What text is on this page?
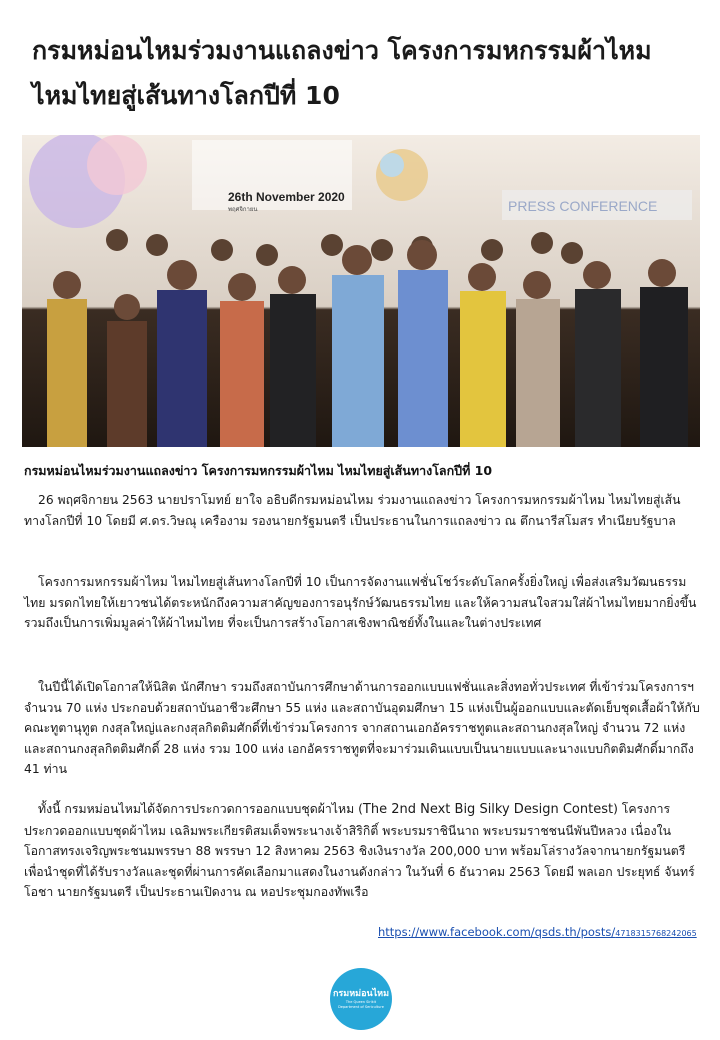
กรมหม่อนไหมร่วมงานแถลงข่าว โครงการมหกรรมผ้าไหม ไหมไทยสู่เส้นทางโลกปีที่ 10
26th November 2020
พฤศจิกายน	PRESS CONFERENCE

กรมหม่อนไหมร่วมงานแถลงข่าว โครงการมหกรรมผ้าไหม ไหมไทยสู่เส้นทางโลกปีที่ 10

26 พฤศจิกายน 2563 นายปราโมทย์ ยาใจ อธิบดีกรมหม่อนไหม ร่วมงานแถลงข่าว โครงการมหกรรมผ้าไหม ไหมไทยสู่เส้นทางโลกปีที่ 10 โดยมี ศ.ดร.วิษณุ เครืองาม รองนายกรัฐมนตรี เป็นประธานในการแถลงข่าว ณ ตึกนารีสโมสร ทำเนียบรัฐบาล

โครงการมหกรรมผ้าไหม ไหมไทยสู่เส้นทางโลกปีที่ 10 เป็นการจัดงานแฟชั่นโชว์ระดับโลกครั้งยิ่งใหญ่ เพื่อส่งเสริมวัฒนธรรมไทย มรดกไทยให้เยาวชนได้ตระหนักถึงความสาคัญของการอนุรักษ์วัฒนธรรมไทย และให้ความสนใจสวมใส่ผ้าไหมไทยมากยิ่งขึ้น รวมถึงเป็นการเพิ่มมูลค่าให้ผ้าไหมไทย ที่จะเป็นการสร้างโอกาสเชิงพาณิชย์ทั้งในและในต่างประเทศ

ในปีนี้ได้เปิดโอกาสให้นิสิต นักศึกษา รวมถึงสถาบันการศึกษาด้านการออกแบบแฟชั่นและสิ่งทอทั่วประเทศ ที่เข้าร่วมโครงการฯ จำนวน 70 แห่ง ประกอบด้วยสถาบันอาชีวะศึกษา 55 แห่ง และสถาบันอุดมศึกษา 15 แห่งเป็นผู้ออกแบบและตัดเย็บชุดเสื้อผ้าให้กับคณะทูตานุทูต กงสุลใหญ่และกงสุลกิตติมศักดิ์ที่เข้าร่วมโครงการ จากสถานเอกอัครราชทูตและสถานกงสุลใหญ่ จำนวน 72 แห่ง และสถานกงสุลกิตติมศักดิ์ 28 แห่ง รวม 100 แห่ง เอกอัครราชทูตที่จะมาร่วมเดินแบบเป็นนายแบบและนางแบบกิตติมศักดิ์มากถึง 41 ท่าน

ทั้งนี้ กรมหม่อนไหมได้จัดการประกวดการออกแบบชุดผ้าไหม (The 2nd Next Big Silky Design Contest) โครงการประกวดออกแบบชุดผ้าไหม เฉลิมพระเกียรติสมเด็จพระนางเจ้าสิริกิติ์ พระบรมราชินีนาถ พระบรมราชชนนีพันปีหลวง เนื่องในโอกาสทรงเจริญพระชนมพรรษา 88 พรรษา 12 สิงหาคม 2563 ชิงเงินรางวัล 200,000 บาท พร้อมโล่รางวัลจากนายกรัฐมนตรี เพื่อนำชุดที่ได้รับรางวัลและชุดที่ผ่านการคัดเลือกมาแสดงในงานดังกล่าว ในวันที่ 6 ธันวาคม 2563 โดยมี พลเอก ประยุทธ์ จันทร์โอชา นายกรัฐมนตรี เป็นประธานเปิดงาน ณ หอประชุมกองทัพเรือ

https://www.facebook.com/qsds.th/posts/4718315768242065
กรมหม่อนไหม
The Queen Sirikit Department of Sericulture
